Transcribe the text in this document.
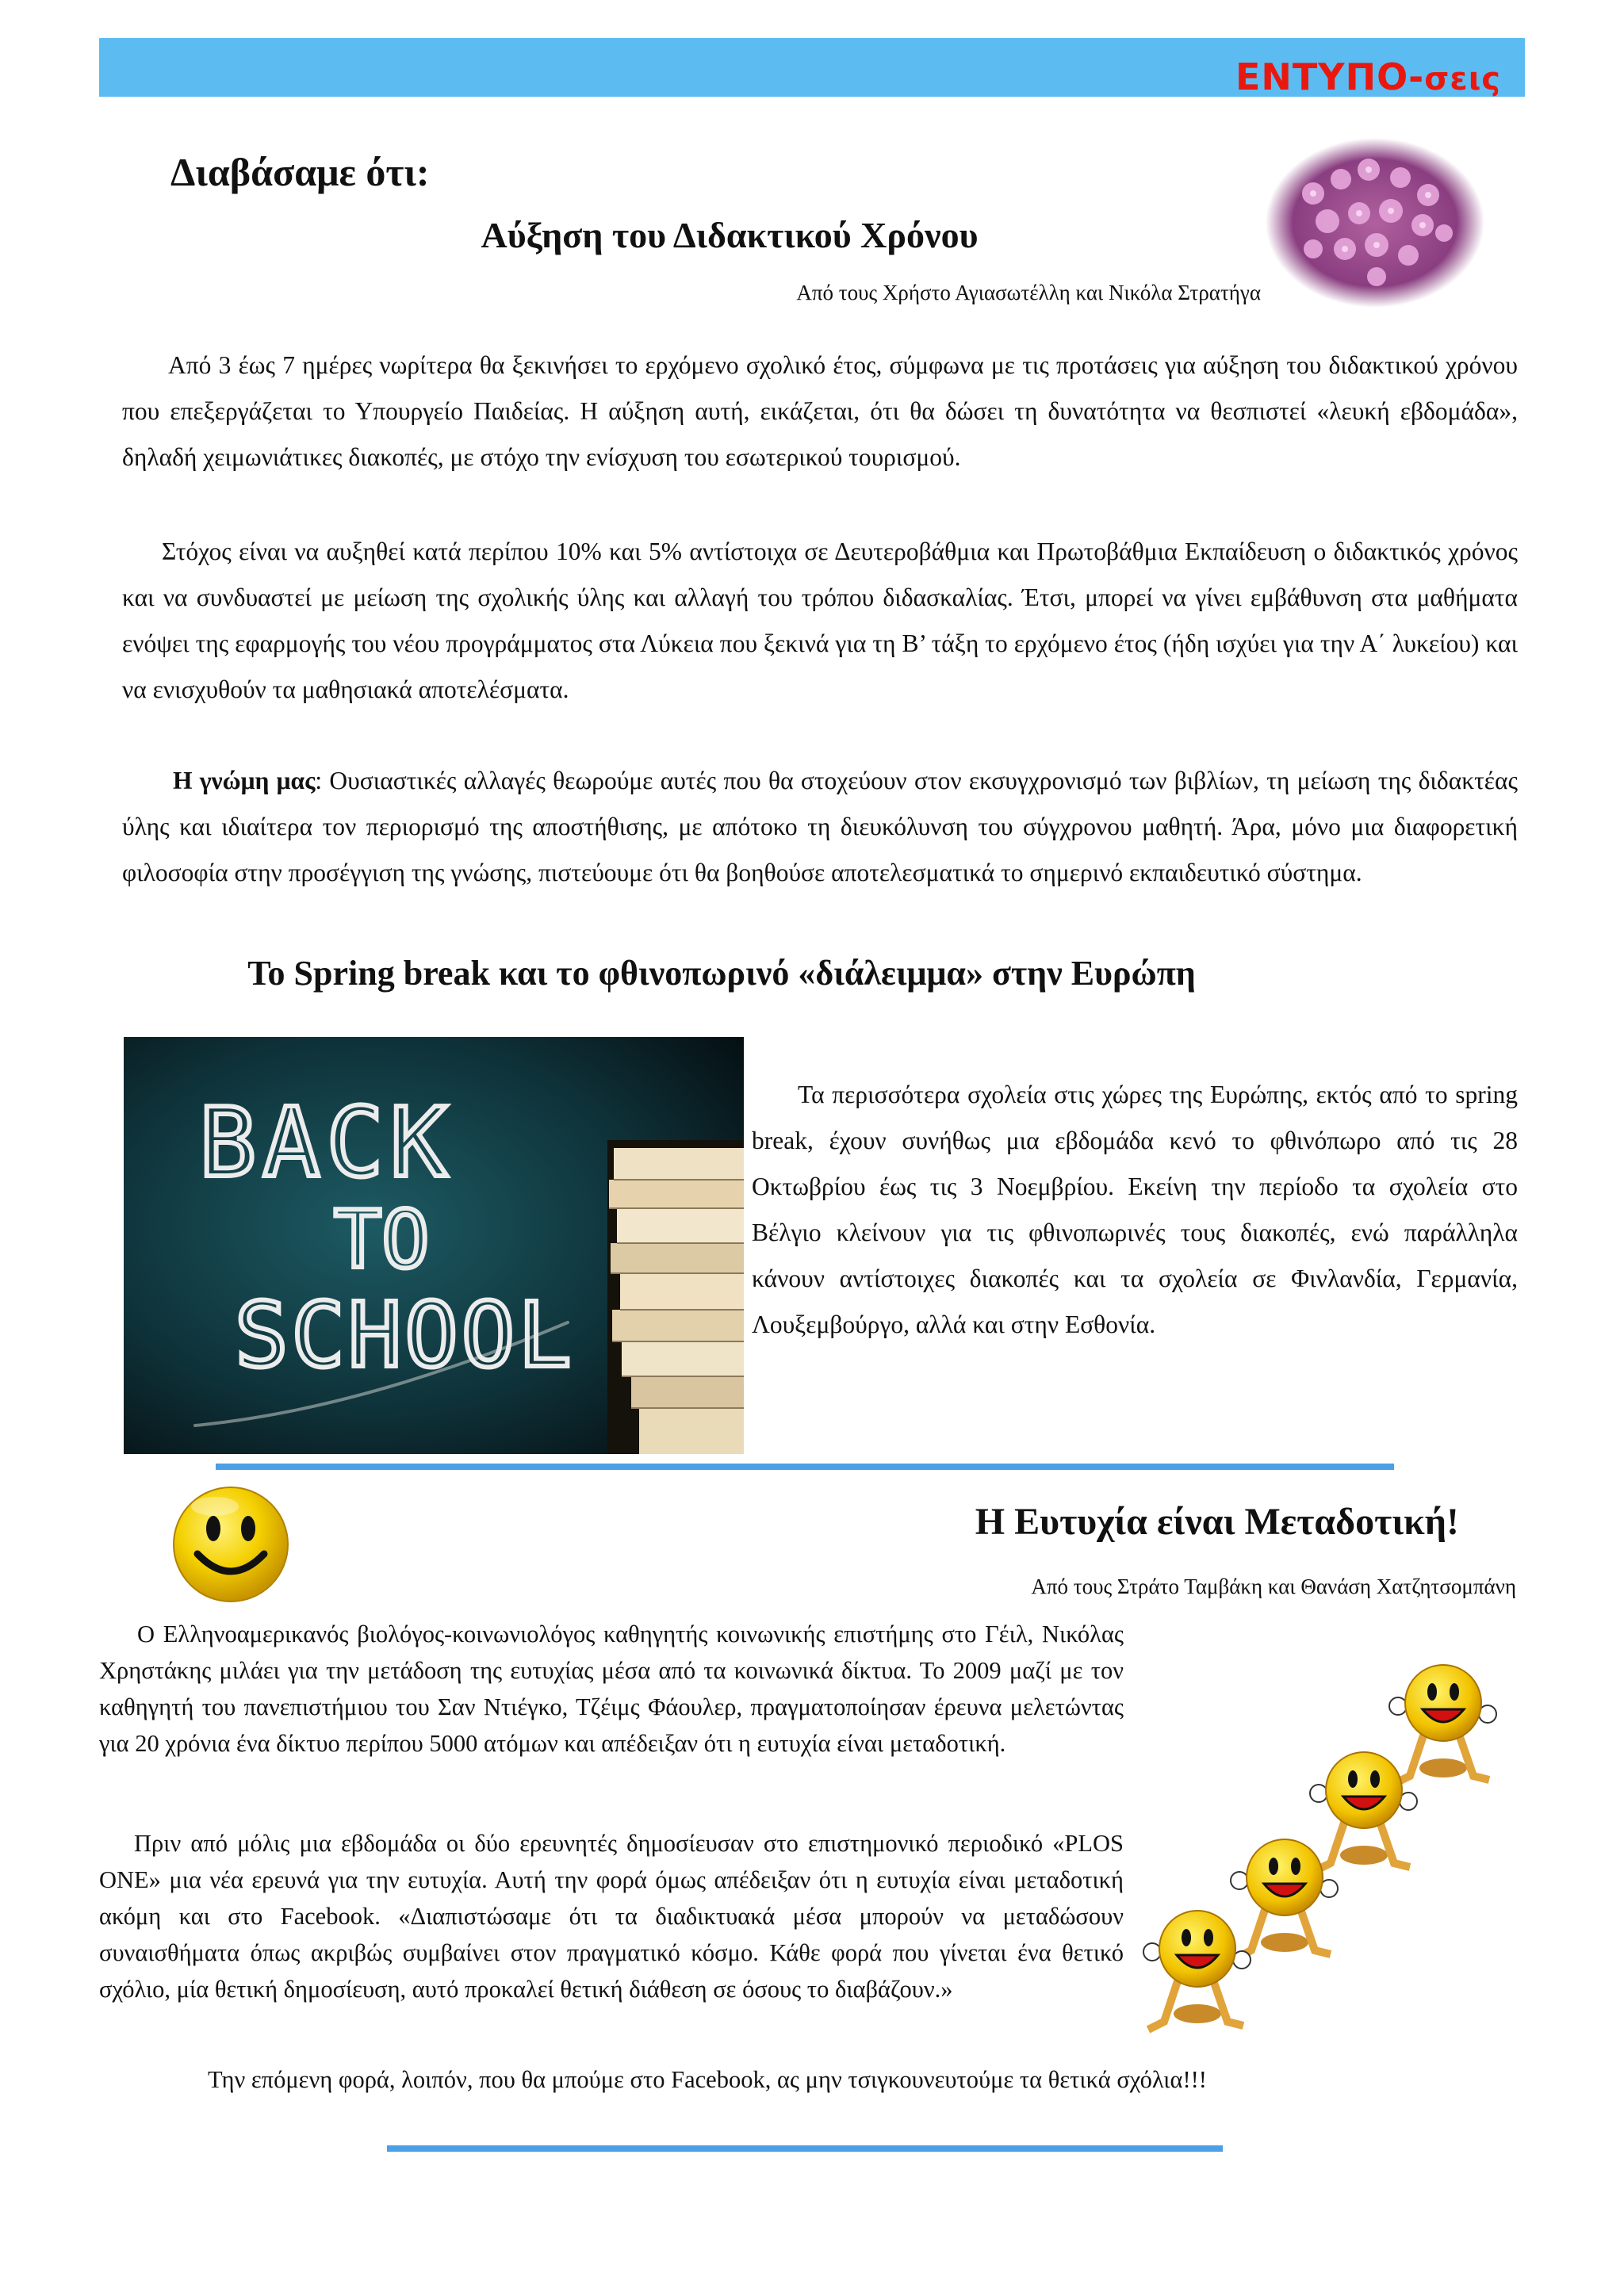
ΕΝΤΥΠΟ-σεις
Διαβάσαμε ότι:
Αύξηση του Διδακτικού Χρόνου
Από τους Χρήστο Αγιασωτέλλη και Νικόλα Στρατήγα
Από 3 έως 7 ημέρες νωρίτερα θα ξεκινήσει το ερχόμενο σχολικό έτος, σύμφωνα με τις προτάσεις για αύξηση του διδακτικού χρόνου που επεξεργάζεται το Υπουργείο Παιδείας. Η αύξηση αυτή, εικάζεται, ότι θα δώσει τη δυνατότητα να θεσπιστεί «λευκή εβδομάδα», δηλαδή χειμωνιάτικες διακοπές, με στόχο την ενίσχυση του εσωτερικού τουρισμού.
Στόχος είναι να αυξηθεί κατά περίπου 10% και 5% αντίστοιχα σε Δευτεροβάθμια και Πρωτοβάθμια Εκπαίδευση ο διδακτικός χρόνος και να συνδυαστεί με μείωση της σχολικής ύλης και αλλαγή του τρόπου διδασκαλίας. Έτσι, μπορεί να γίνει εμβάθυνση στα μαθήματα ενόψει της εφαρμογής του νέου προγράμματος στα Λύκεια που ξεκινά για τη Β’ τάξη το ερχόμενο έτος (ήδη ισχύει για την Α΄ λυκείου) και να ενισχυθούν τα μαθησιακά αποτελέσματα.
Η γνώμη μας: Ουσιαστικές αλλαγές θεωρούμε αυτές που θα στοχεύουν στον εκσυγχρονισμό των βιβλίων, τη μείωση της διδακτέας ύλης και ιδιαίτερα τον περιορισμό της αποστήθισης, με απότοκο τη διευκόλυνση του σύγχρονου μαθητή. Άρα, μόνο μια διαφορετική φιλοσοφία στην προσέγγιση της γνώσης, πιστεύουμε ότι θα βοηθούσε αποτελεσματικά το σημερινό εκπαιδευτικό σύστημα.
Το Spring break και το φθινοπωρινό «διάλειμμα» στην Ευρώπη
BACK
TO
SCHOOL
Τα περισσότερα σχολεία στις χώρες της Ευρώπης, εκτός από το spring break, έχουν συνήθως μια εβδομάδα κενό το φθινόπωρο από τις 28 Οκτωβρίου έως τις 3 Νοεμβρίου. Εκείνη την περίοδο τα σχολεία στο Βέλγιο κλείνουν για τις φθινοπωρινές τους διακοπές, ενώ παράλληλα κάνουν αντίστοιχες διακοπές και τα σχολεία σε Φινλανδία, Γερμανία, Λουξεμβούργο, αλλά και στην Εσθονία.
Η Ευτυχία είναι Μεταδοτική!
Από τους Στράτο Ταμβάκη και Θανάση Χατζητσομπάνη
Ο Ελληνοαμερικανός βιολόγος-κοινωνιολόγος καθηγητής κοινωνικής επιστήμης στο Γέιλ, Νικόλας Χρηστάκης μιλάει για την μετάδοση της ευτυχίας μέσα από τα κοινωνικά δίκτυα. Το 2009 μαζί με τον καθηγητή του πανεπιστήμιου του Σαν Ντιέγκο, Τζέιμς Φάουλερ, πραγματοποίησαν έρευνα μελετώντας για 20 χρόνια ένα δίκτυο περίπου 5000 ατόμων και απέδειξαν ότι η ευτυχία είναι μεταδοτική.
Πριν από μόλις μια εβδομάδα οι δύο ερευνητές δημοσίευσαν στο επιστημονικό περιοδικό «PLOS ONE» μια νέα ερευνά για την ευτυχία. Αυτή την φορά όμως απέδειξαν ότι η ευτυχία είναι μεταδοτική ακόμη και στο Facebook. «Διαπιστώσαμε ότι τα διαδικτυακά μέσα μπορούν να μεταδώσουν συναισθήματα όπως ακριβώς συμβαίνει στον πραγματικό κόσμο. Κάθε φορά που γίνεται ένα θετικό σχόλιο, μία θετική δημοσίευση, αυτό προκαλεί θετική διάθεση σε όσους το διαβάζουν.»
Την επόμενη φορά, λοιπόν, που θα μπούμε στο Facebook, ας μην τσιγκουνευτούμε τα θετικά σχόλια!!!
